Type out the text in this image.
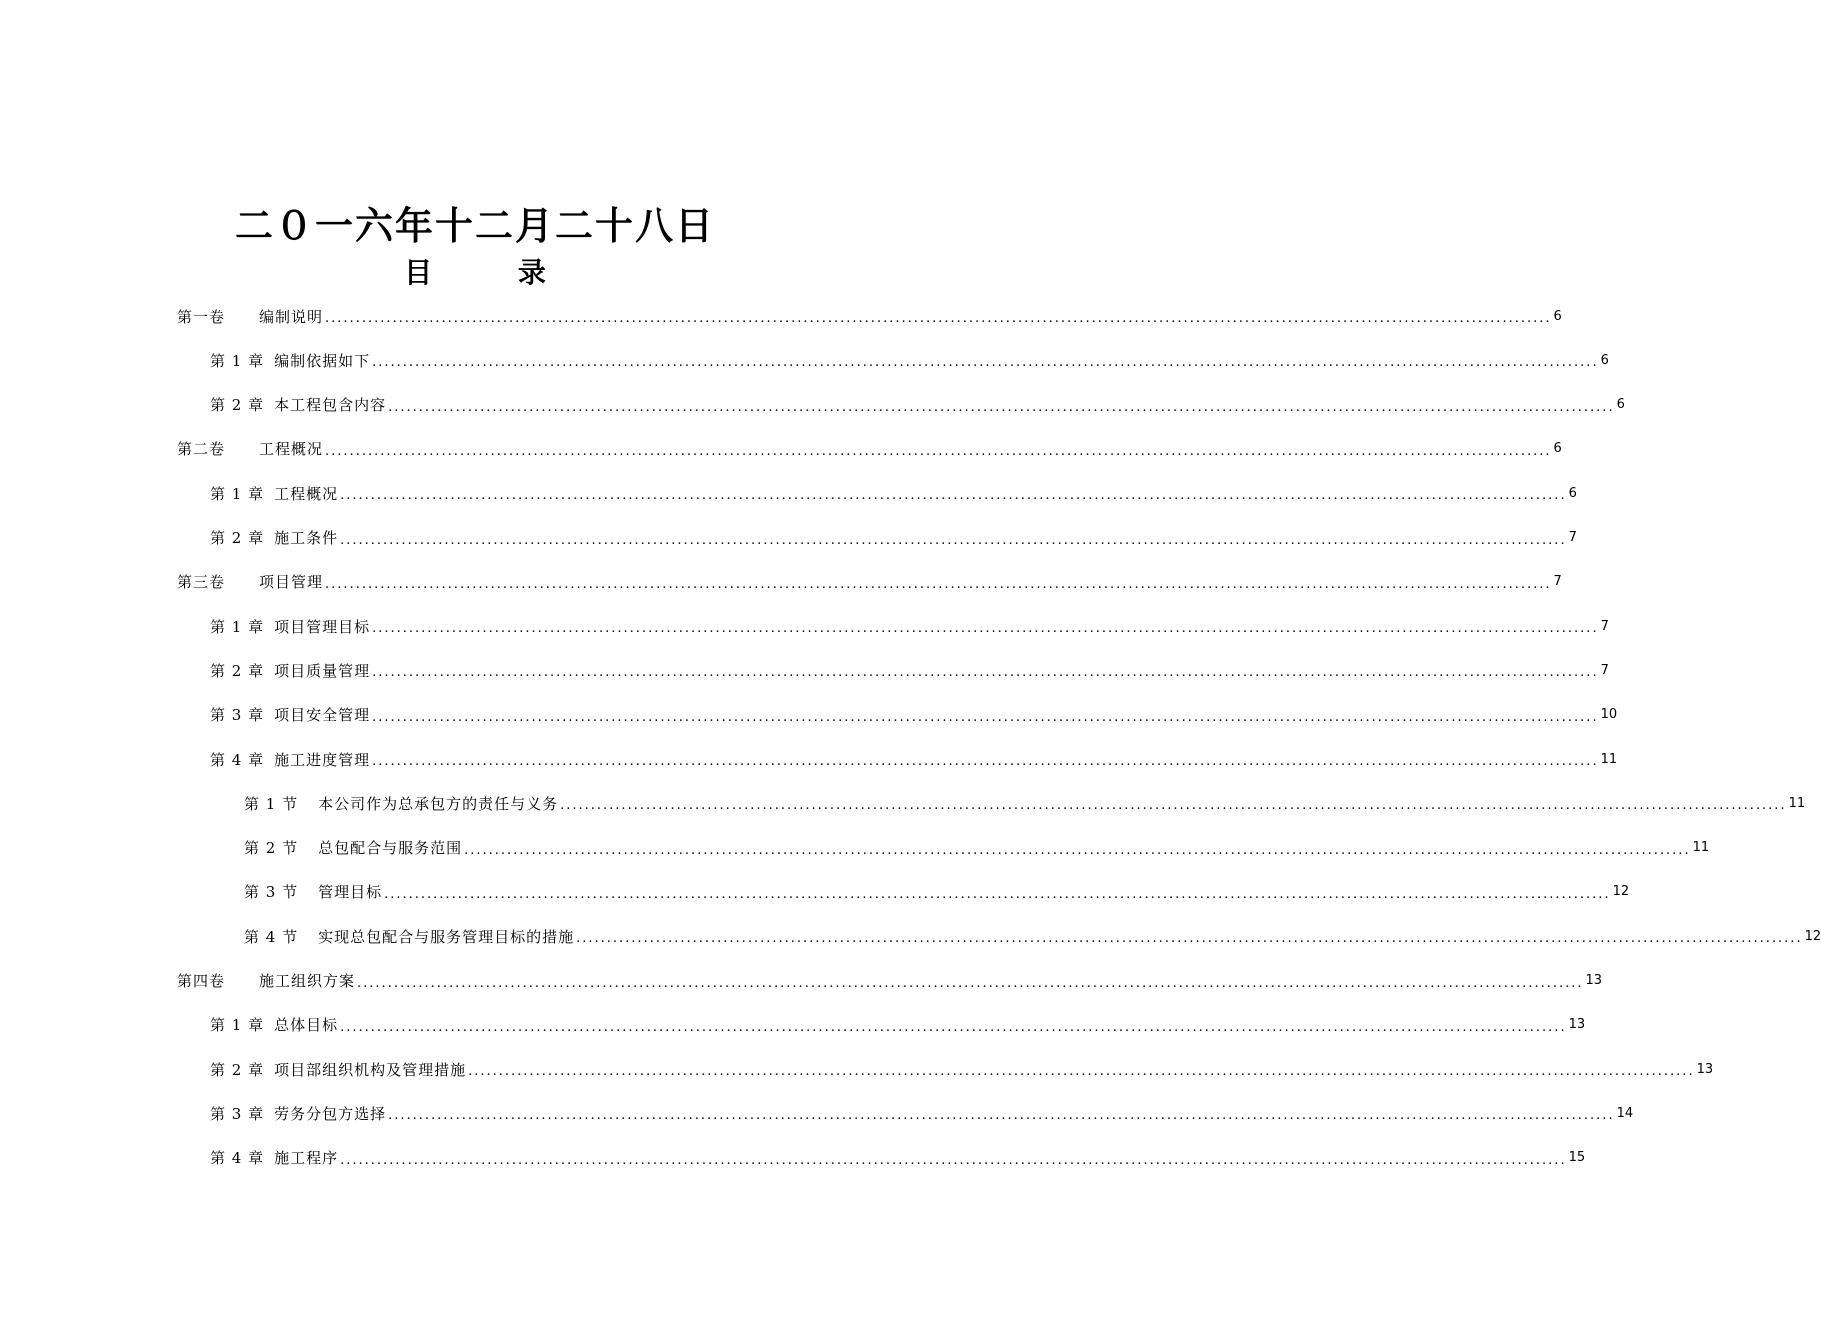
二０一六年十二月二十八日
目 录
第一卷 编制说明 ........................................................................................................................................................................................................ 6
第 1 章 编制依据如下 ........................................................................................................................................................................................................ 6
第 2 章 本工程包含内容 ........................................................................................................................................................................................................ 6
第二卷 工程概况 ........................................................................................................................................................................................................ 6
第 1 章 工程概况 ........................................................................................................................................................................................................ 6
第 2 章 施工条件 ........................................................................................................................................................................................................ 7
第三卷 项目管理 ........................................................................................................................................................................................................ 7
第 1 章 项目管理目标 ........................................................................................................................................................................................................ 7
第 2 章 项目质量管理 ........................................................................................................................................................................................................ 7
第 3 章 项目安全管理 ........................................................................................................................................................................................................ 10
第 4 章 施工进度管理 ........................................................................................................................................................................................................ 11
第 1 节 本公司作为总承包方的责任与义务 ........................................................................................................................................................................................................ 11
第 2 节 总包配合与服务范围 ........................................................................................................................................................................................................ 11
第 3 节 管理目标 ........................................................................................................................................................................................................ 12
第 4 节 实现总包配合与服务管理目标的措施 ........................................................................................................................................................................................................ 12
第四卷 施工组织方案 ........................................................................................................................................................................................................ 13
第 1 章 总体目标 ........................................................................................................................................................................................................ 13
第 2 章 项目部组织机构及管理措施 ........................................................................................................................................................................................................ 13
第 3 章 劳务分包方选择 ........................................................................................................................................................................................................ 14
第 4 章 施工程序 ........................................................................................................................................................................................................ 15
